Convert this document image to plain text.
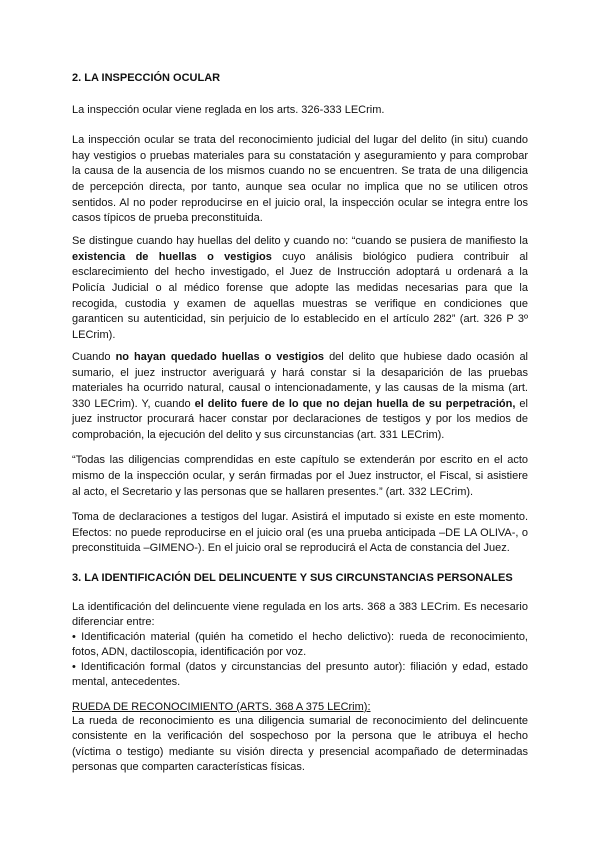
2. LA INSPECCIÓN OCULAR
La inspección ocular viene reglada en los arts. 326-333 LECrim.
La inspección ocular se trata del reconocimiento judicial del lugar del delito (in situ) cuando
hay vestigios o pruebas materiales para su constatación y aseguramiento y para comprobar
la causa de la ausencia de los mismos cuando no se encuentren. Se trata de una diligencia
de percepción directa, por tanto, aunque sea ocular no implica que no se utilicen otros
sentidos. Al no poder reproducirse en el juicio oral, la inspección ocular se integra entre los
casos típicos de prueba preconstituida.
Se distingue cuando hay huellas del delito y cuando no: “cuando se pusiera de manifiesto la
existencia de huellas o vestigios cuyo análisis biológico pudiera contribuir al
esclarecimiento del hecho investigado, el Juez de Instrucción adoptará u ordenará a la
Policía Judicial o al médico forense que adopte las medidas necesarias para que la
recogida, custodia y examen de aquellas muestras se verifique en condiciones que
garanticen su autenticidad, sin perjuicio de lo establecido en el artículo 282” (art. 326 P 3º
LECrim).
Cuando no hayan quedado huellas o vestigios del delito que hubiese dado ocasión al
sumario, el juez instructor averiguará y hará constar si la desaparición de las pruebas
materiales ha ocurrido natural, causal o intencionadamente, y las causas de la misma (art.
330 LECrim). Y, cuando el delito fuere de lo que no dejan huella de su perpetración, el
juez instructor procurará hacer constar por declaraciones de testigos y por los medios de
comprobación, la ejecución del delito y sus circunstancias (art. 331 LECrim).
“Todas las diligencias comprendidas en este capítulo se extenderán por escrito en el acto
mismo de la inspección ocular, y serán firmadas por el Juez instructor, el Fiscal, si asistiere
al acto, el Secretario y las personas que se hallaren presentes.” (art. 332 LECrim).
Toma de declaraciones a testigos del lugar. Asistirá el imputado si existe en este momento.
Efectos: no puede reproducirse en el juicio oral (es una prueba anticipada –DE LA OLIVA-, o
preconstituida –GIMENO-). En el juicio oral se reproducirá el Acta de constancia del Juez.
3. LA IDENTIFICACIÓN DEL DELINCUENTE Y SUS CIRCUNSTANCIAS PERSONALES
La identificación del delincuente viene regulada en los arts. 368 a 383 LECrim. Es necesario
diferenciar entre:
• Identificación material (quién ha cometido el hecho delictivo): rueda de reconocimiento,
fotos, ADN, dactiloscopia, identificación por voz.
• Identificación formal (datos y circunstancias del presunto autor): filiación y edad, estado
mental, antecedentes.
RUEDA DE RECONOCIMIENTO (ARTS. 368 A 375 LECrim):
La rueda de reconocimiento es una diligencia sumarial de reconocimiento del delincuente
consistente en la verificación del sospechoso por la persona que le atribuya el hecho
(víctima o testigo) mediante su visión directa y presencial acompañado de determinadas
personas que comparten características físicas.
